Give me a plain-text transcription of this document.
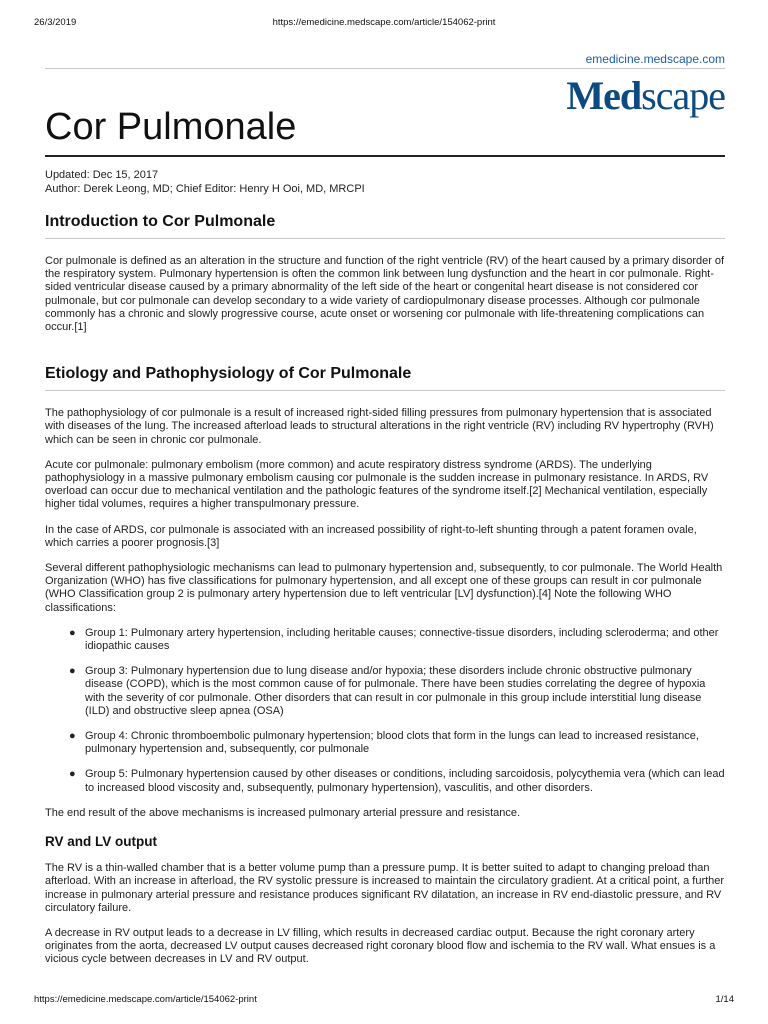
26/3/2019	https://emedicine.medscape.com/article/154062-print
emedicine.medscape.com
Medscape
Cor Pulmonale
Updated: Dec 15, 2017
Author: Derek Leong, MD; Chief Editor: Henry H Ooi, MD, MRCPI
Introduction to Cor Pulmonale

Cor pulmonale is defined as an alteration in the structure and function of the right ventricle (RV) of the heart caused by a primary disorder of the respiratory system. Pulmonary hypertension is often the common link between lung dysfunction and the heart in cor pulmonale. Right-sided ventricular disease caused by a primary abnormality of the left side of the heart or congenital heart disease is not considered cor pulmonale, but cor pulmonale can develop secondary to a wide variety of cardiopulmonary disease processes. Although cor pulmonale commonly has a chronic and slowly progressive course, acute onset or worsening cor pulmonale with life-threatening complications can occur.[1]

Etiology and Pathophysiology of Cor Pulmonale

The pathophysiology of cor pulmonale is a result of increased right-sided filling pressures from pulmonary hypertension that is associated with diseases of the lung. The increased afterload leads to structural alterations in the right ventricle (RV) including RV hypertrophy (RVH) which can be seen in chronic cor pulmonale.

Acute cor pulmonale: pulmonary embolism (more common) and acute respiratory distress syndrome (ARDS). The underlying pathophysiology in a massive pulmonary embolism causing cor pulmonale is the sudden increase in pulmonary resistance. In ARDS, RV overload can occur due to mechanical ventilation and the pathologic features of the syndrome itself.[2] Mechanical ventilation, especially higher tidal volumes, requires a higher transpulmonary pressure.

In the case of ARDS, cor pulmonale is associated with an increased possibility of right-to-left shunting through a patent foramen ovale, which carries a poorer prognosis.[3]

Several different pathophysiologic mechanisms can lead to pulmonary hypertension and, subsequently, to cor pulmonale. The World Health Organization (WHO) has five classifications for pulmonary hypertension, and all except one of these groups can result in cor pulmonale (WHO Classification group 2 is pulmonary artery hypertension due to left ventricular [LV] dysfunction).[4] Note the following WHO classifications:

● Group 1: Pulmonary artery hypertension, including heritable causes; connective-tissue disorders, including scleroderma; and other idiopathic causes
● Group 3: Pulmonary hypertension due to lung disease and/or hypoxia; these disorders include chronic obstructive pulmonary disease (COPD), which is the most common cause of for pulmonale. There have been studies correlating the degree of hypoxia with the severity of cor pulmonale. Other disorders that can result in cor pulmonale in this group include interstitial lung disease (ILD) and obstructive sleep apnea (OSA)
● Group 4: Chronic thromboembolic pulmonary hypertension; blood clots that form in the lungs can lead to increased resistance, pulmonary hypertension and, subsequently, cor pulmonale
● Group 5: Pulmonary hypertension caused by other diseases or conditions, including sarcoidosis, polycythemia vera (which can lead to increased blood viscosity and, subsequently, pulmonary hypertension), vasculitis, and other disorders.

The end result of the above mechanisms is increased pulmonary arterial pressure and resistance.

RV and LV output

The RV is a thin-walled chamber that is a better volume pump than a pressure pump. It is better suited to adapt to changing preload than afterload. With an increase in afterload, the RV systolic pressure is increased to maintain the circulatory gradient. At a critical point, a further increase in pulmonary arterial pressure and resistance produces significant RV dilatation, an increase in RV end-diastolic pressure, and RV circulatory failure.

A decrease in RV output leads to a decrease in LV filling, which results in decreased cardiac output. Because the right coronary artery originates from the aorta, decreased LV output causes decreased right coronary blood flow and ischemia to the RV wall. What ensues is a vicious cycle between decreases in LV and RV output.

https://emedicine.medscape.com/article/154062-print	1/14
